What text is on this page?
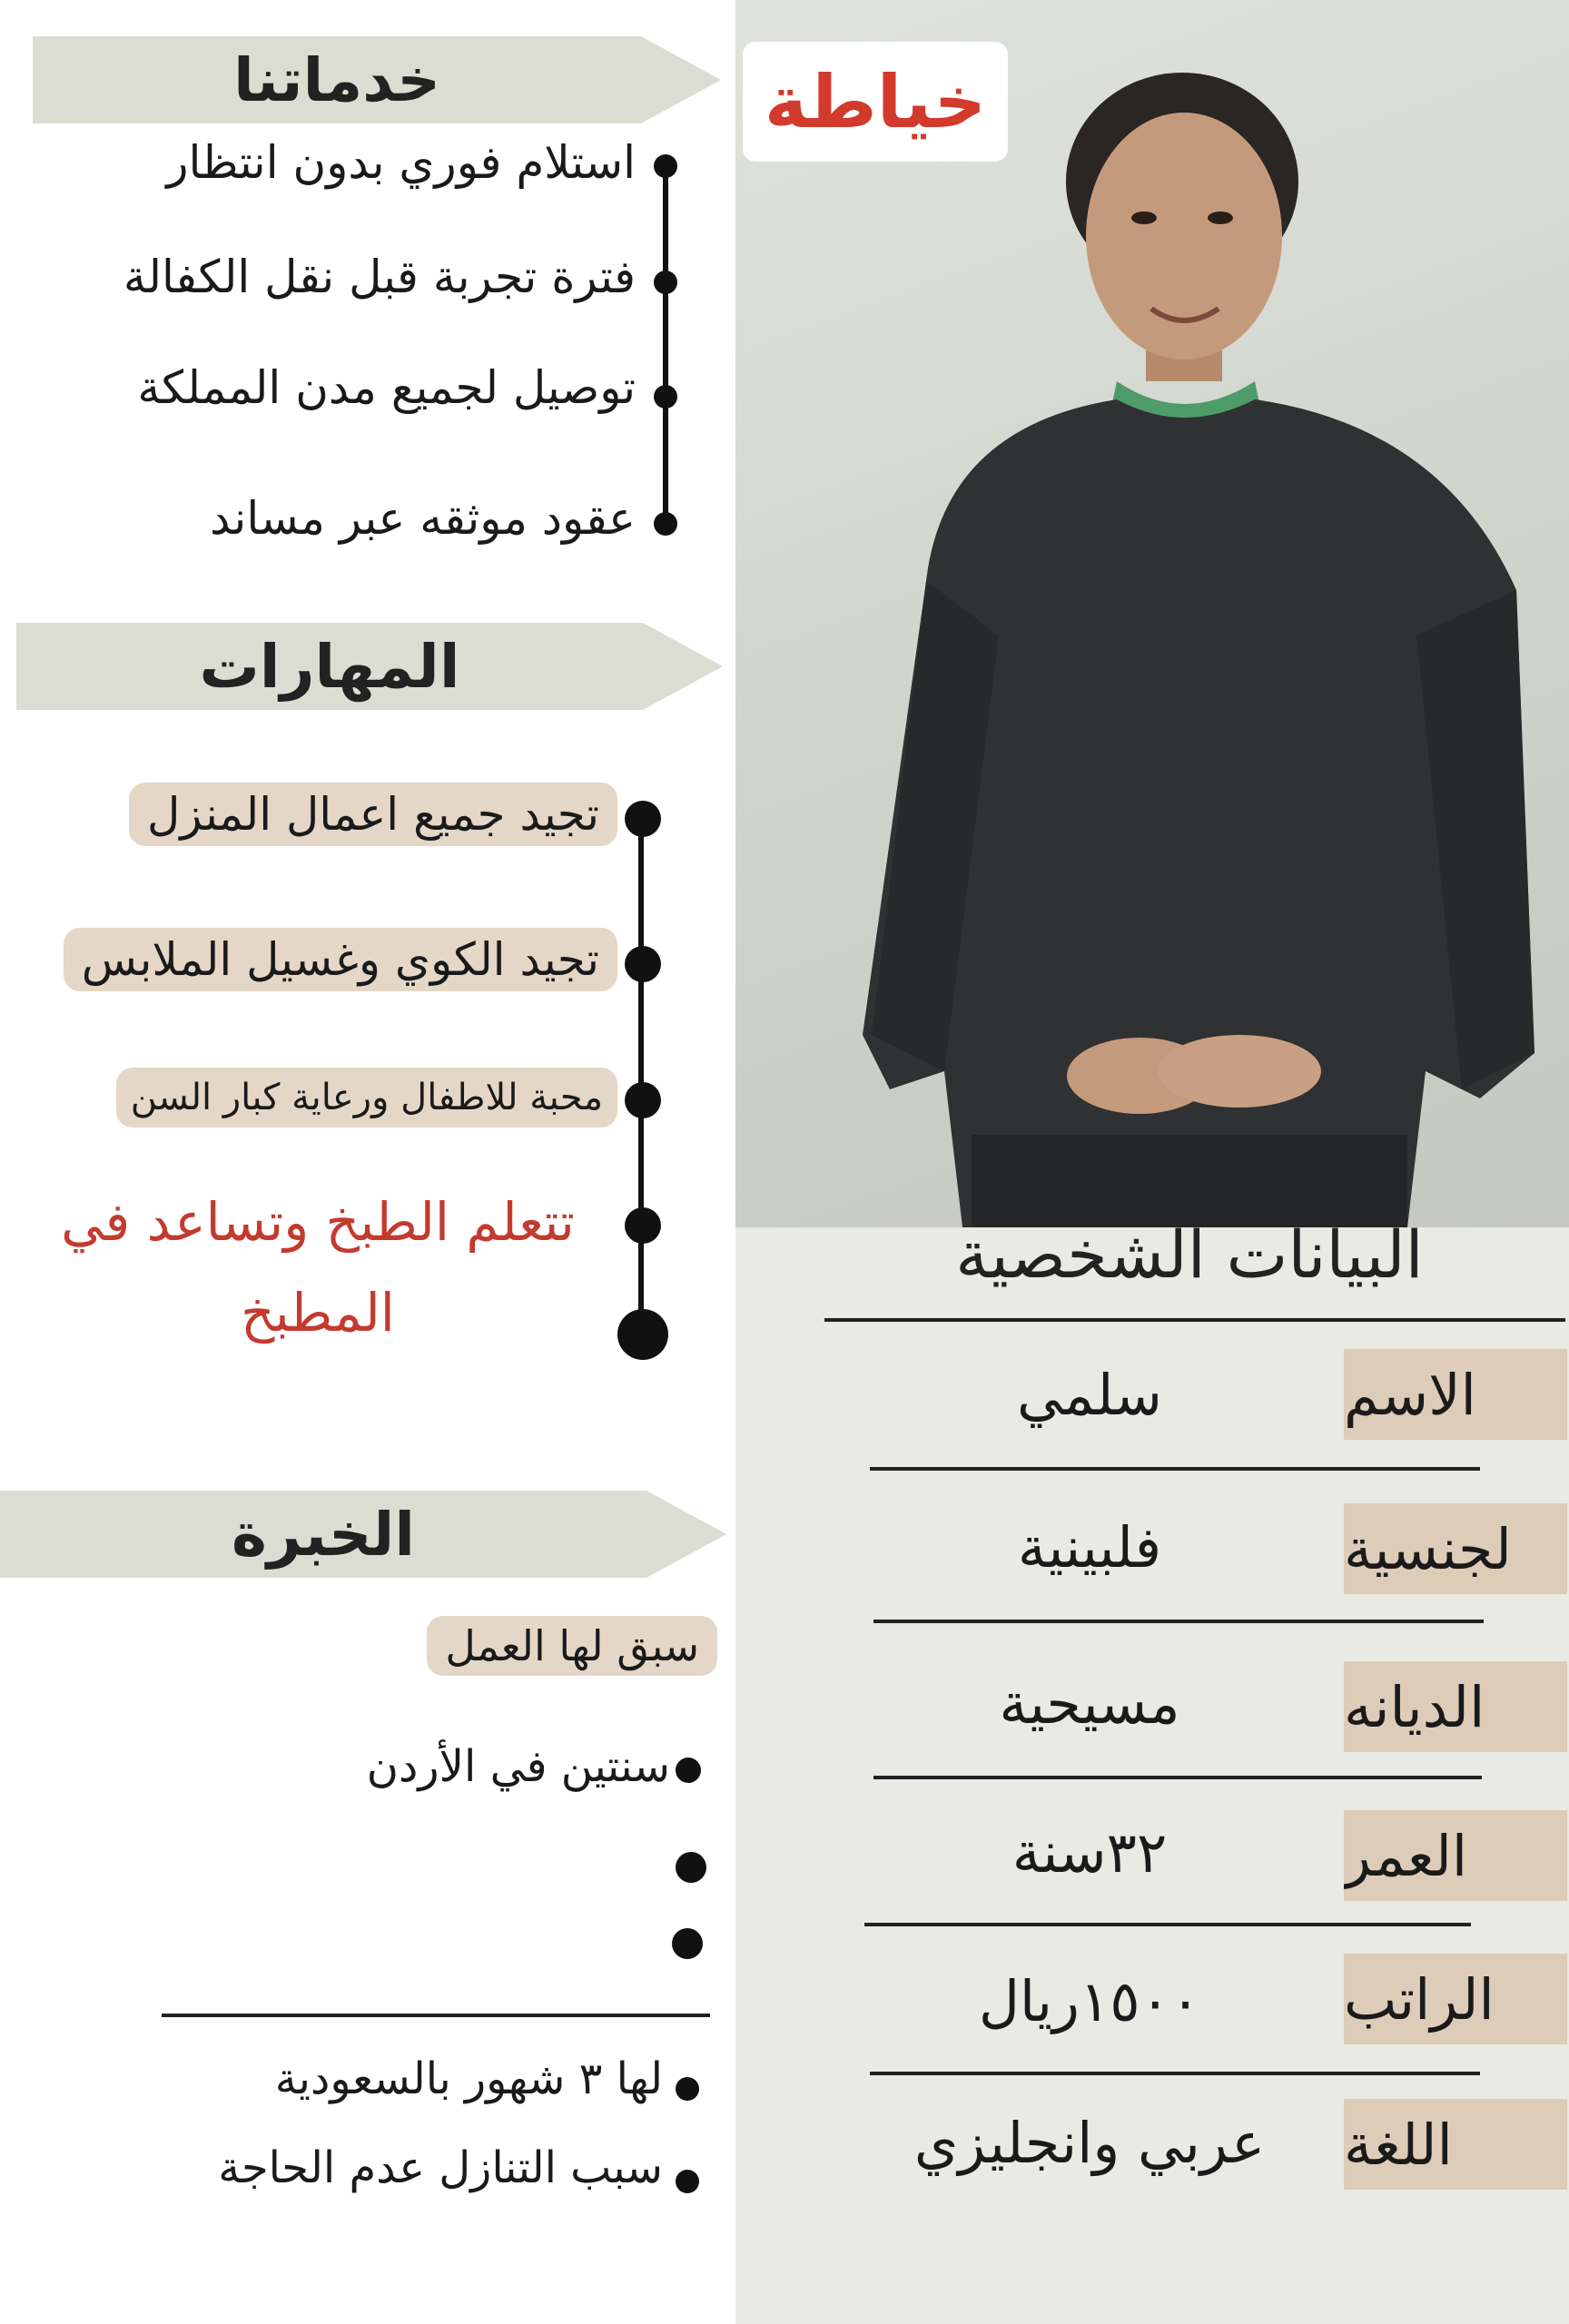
خدماتنا
استلام فوري بدون انتظار
فترة تجربة قبل نقل الكفالة
توصيل لجميع مدن المملكة
عقود موثقه عبر مساند
المهارات
تجيد جميع اعمال المنزل
تجيد الكوي وغسيل الملابس
محبة للاطفال ورعاية كبار السن
تتعلم الطبخ وتساعد في
المطبخ
الخبرة
سبق لها العمل
سنتين في الأردن
لها ٣ شهور بالسعودية
سبب التنازل عدم الحاجة
خياطة
البيانات الشخصية
الاسم
سلمي
لجنسية
فلبينية
الديانه
مسيحية
العمر
٣٢سنة
الراتب
١٥٠٠ريال
اللغة
عربي وانجليزي
